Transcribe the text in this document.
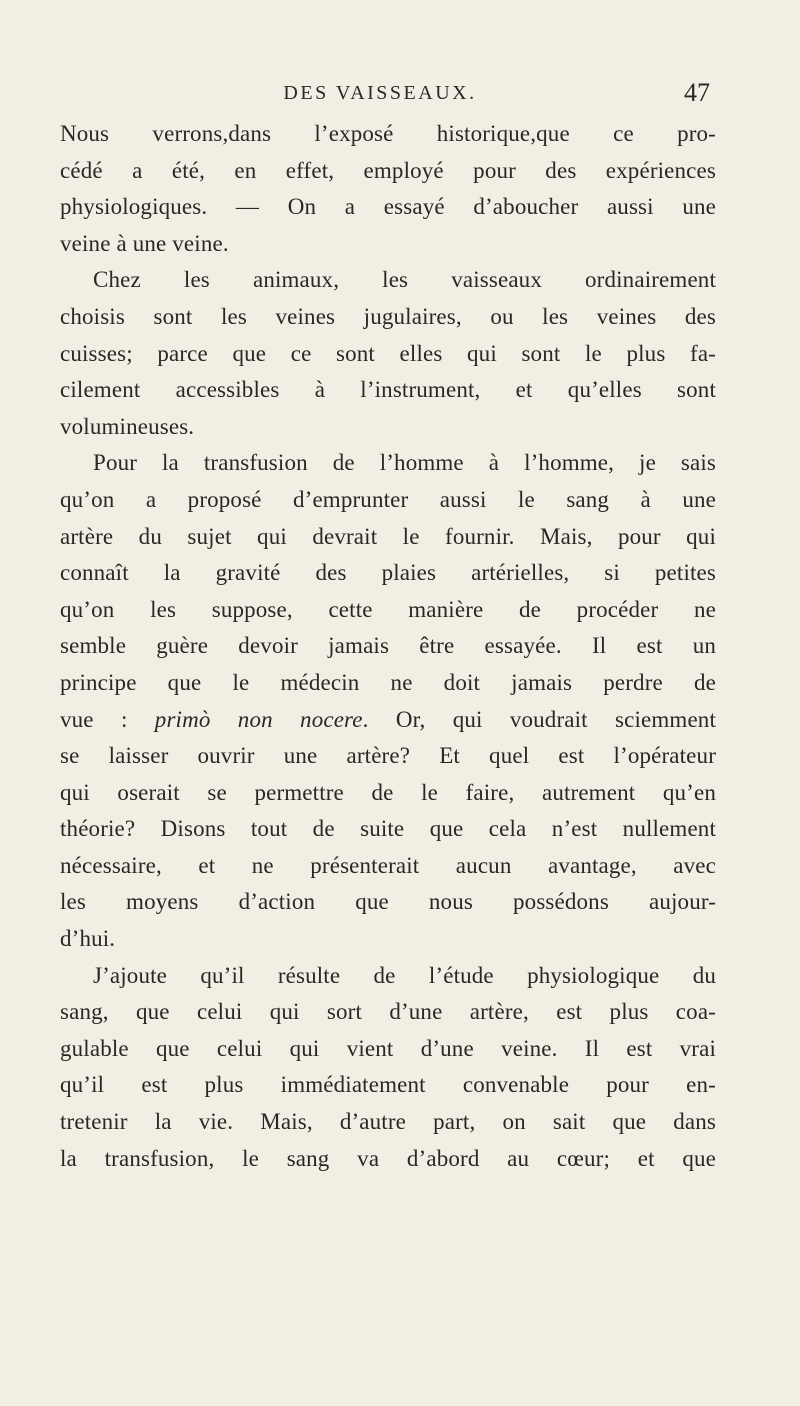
DES VAISSEAUX.	47
Nous verrons,dans l’exposé historique,que ce pro-
cédé a été, en effet, employé pour des expériences
physiologiques. — On a essayé d’aboucher aussi une
veine à une veine.
Chez les animaux, les vaisseaux ordinairement
choisis sont les veines jugulaires, ou les veines des
cuisses; parce que ce sont elles qui sont le plus fa-
cilement accessibles à l’instrument, et qu’elles sont
volumineuses.
Pour la transfusion de l’homme à l’homme, je sais
qu’on a proposé d’emprunter aussi le sang à une
artère du sujet qui devrait le fournir. Mais, pour qui
connaît la gravité des plaies artérielles, si petites
qu’on les suppose, cette manière de procéder ne
semble guère devoir jamais être essayée. Il est un
principe que le médecin ne doit jamais perdre de
vue : primò non nocere. Or, qui voudrait sciemment
se laisser ouvrir une artère? Et quel est l’opérateur
qui oserait se permettre de le faire, autrement qu’en
théorie? Disons tout de suite que cela n’est nullement
nécessaire, et ne présenterait aucun avantage, avec
les moyens d’action que nous possédons aujour-
d’hui.
J’ajoute qu’il résulte de l’étude physiologique du
sang, que celui qui sort d’une artère, est plus coa-
gulable que celui qui vient d’une veine. Il est vrai
qu’il est plus immédiatement convenable pour en-
tretenir la vie. Mais, d’autre part, on sait que dans
la transfusion, le sang va d’abord au cœur; et que
